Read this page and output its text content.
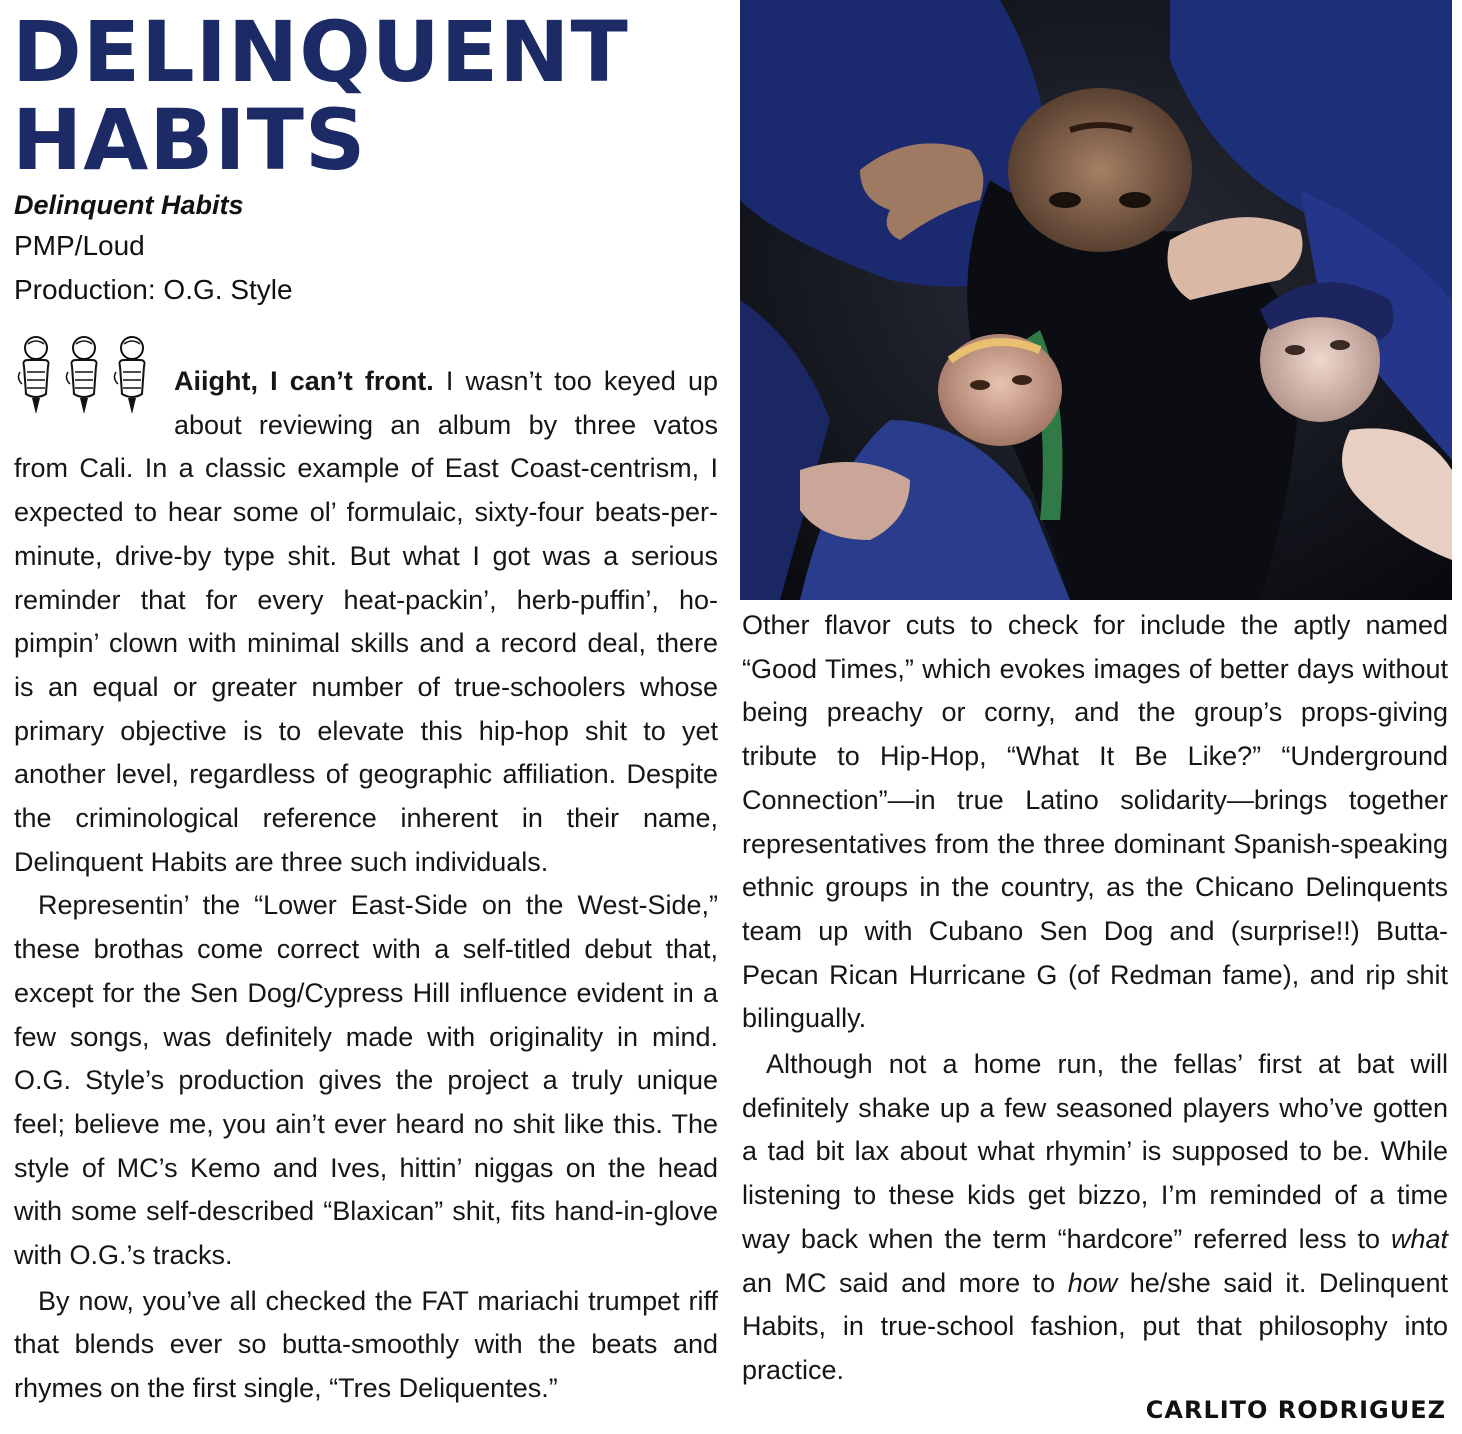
DELINQUENT
HABITS
Delinquent Habits
PMP/Loud
Production: O.G. Style

Aiight, I can’t front. I wasn’t too keyed up about reviewing an album by three vatos from Cali. In a classic example of East Coast-centrism, I expected to hear some ol’ formulaic, sixty-four beats-per-minute, drive-by type shit. But what I got was a serious reminder that for every heat-packin’, herb-puffin’, ho-pimpin’ clown with minimal skills and a record deal, there is an equal or greater number of true-schoolers whose primary objective is to elevate this hip-hop shit to yet another level, regardless of geographic affiliation. Despite the criminological reference inherent in their name, Delinquent Habits are three such individuals.

Representin’ the “Lower East-Side on the West-Side,” these brothas come correct with a self-titled debut that, except for the Sen Dog/Cypress Hill influence evident in a few songs, was definitely made with originality in mind. O.G. Style’s production gives the project a truly unique feel; believe me, you ain’t ever heard no shit like this. The style of MC’s Kemo and Ives, hittin’ niggas on the head with some self-described “Blaxican” shit, fits hand-in-glove with O.G.’s tracks.

By now, you’ve all checked the FAT mariachi trumpet riff that blends ever so butta-smoothly with the beats and rhymes on the first single, “Tres Deliquentes.”

Other flavor cuts to check for include the aptly named “Good Times,” which evokes images of better days without being preachy or corny, and the group’s props-giving tribute to Hip-Hop, “What It Be Like?” “Underground Connection”—in true Latino solidarity—brings together representatives from the three dominant Spanish-speaking ethnic groups in the country, as the Chicano Delinquents team up with Cubano Sen Dog and (surprise!!) Butta-Pecan Rican Hurricane G (of Redman fame), and rip shit bilingually.

Although not a home run, the fellas’ first at bat will definitely shake up a few seasoned players who’ve gotten a tad bit lax about what rhymin’ is supposed to be. While listening to these kids get bizzo, I’m reminded of a time way back when the term “hardcore” referred less to what an MC said and more to how he/she said it. Delinquent Habits, in true-school fashion, put that philosophy into practice.

CARLITO RODRIGUEZ
